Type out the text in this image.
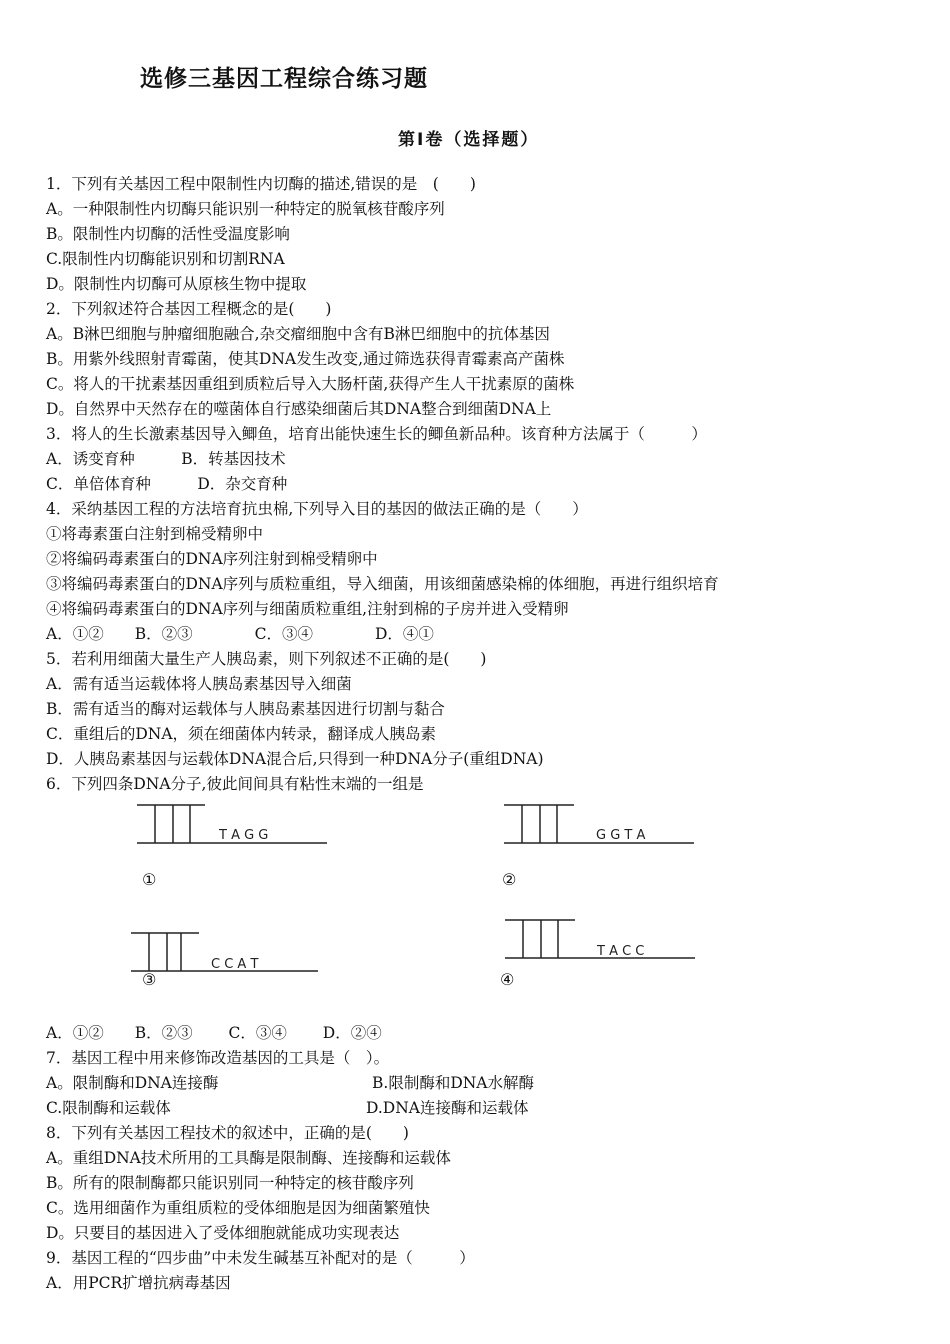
选修三基因工程综合练习题
第Ⅰ卷（选择题）
1．下列有关基因工程中限制性内切酶的描述,错误的是　(　　)
A。一种限制性内切酶只能识别一种特定的脱氧核苷酸序列
B。限制性内切酶的活性受温度影响
C.限制性内切酶能识别和切割RNA
D。限制性内切酶可从原核生物中提取
2．下列叙述符合基因工程概念的是(　　)
A。B淋巴细胞与肿瘤细胞融合,杂交瘤细胞中含有B淋巴细胞中的抗体基因
B。用紫外线照射青霉菌，使其DNA发生改变,通过筛选获得青霉素高产菌株
C。将人的干扰素基因重组到质粒后导入大肠杆菌,获得产生人干扰素原的菌株
D。自然界中天然存在的噬菌体自行感染细菌后其DNA整合到细菌DNA上
3．将人的生长激素基因导入鲫鱼，培育出能快速生长的鲫鱼新品种。该育种方法属于（　　　）
A．诱变育种　　　B．转基因技术
C．单倍体育种　　　D．杂交育种
4．采纳基因工程的方法培育抗虫棉,下列导入目的基因的做法正确的是（　　）
①将毒素蛋白注射到棉受精卵中
②将编码毒素蛋白的DNA序列注射到棉受精卵中
③将编码毒素蛋白的DNA序列与质粒重组，导入细菌，用该细菌感染棉的体细胞，再进行组织培育
④将编码毒素蛋白的DNA序列与细菌质粒重组,注射到棉的子房并进入受精卵
A．①②　　B．②③　　　　C．③④　　　　D．④①
5．若利用细菌大量生产人胰岛素，则下列叙述不正确的是(　　)
A．需有适当运载体将人胰岛素基因导入细菌
B．需有适当的酶对运载体与人胰岛素基因进行切割与黏合
C．重组后的DNA，须在细菌体内转录，翻译成人胰岛素
D．人胰岛素基因与运载体DNA混合后,只得到一种DNA分子(重组DNA)
6．下列四条DNA分子,彼此间间具有粘性末端的一组是
T A G G
①
G G T A
②
C C A T
③
T A C C
④
A．①②　　B．②③　　 C．③④　　 D．②④
7．基因工程中用来修饰改造基因的工具是（　）。
A。限制酶和DNA连接酶	B.限制酶和DNA水解酶
C.限制酶和运载体	D.DNA连接酶和运载体
8．下列有关基因工程技术的叙述中，正确的是(　　)
A。重组DNA技术所用的工具酶是限制酶、连接酶和运载体
B。所有的限制酶都只能识别同一种特定的核苷酸序列
C。选用细菌作为重组质粒的受体细胞是因为细菌繁殖快
D。只要目的基因进入了受体细胞就能成功实现表达
9．基因工程的“四步曲”中未发生碱基互补配对的是（　　　）
A．用PCR扩增抗病毒基因
